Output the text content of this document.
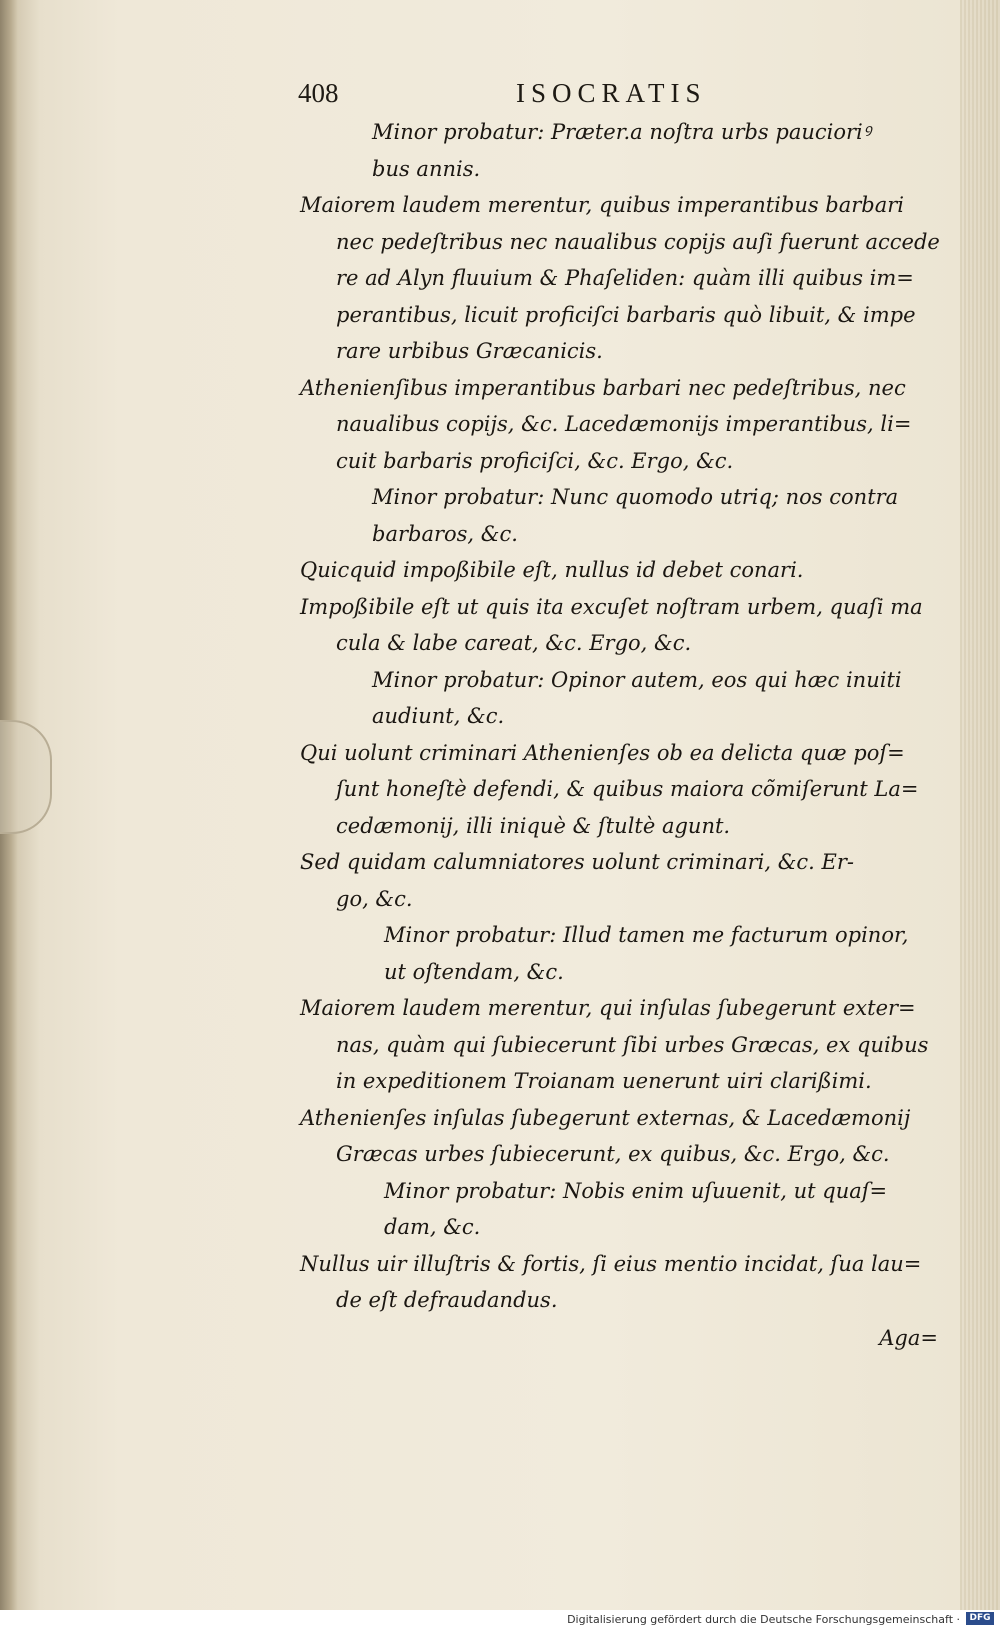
408	ISOCRATIS
Minor probatur: Præter.a noſtra urbs paucioriꝰ
bus annis.
Maiorem laudem merentur, quibus imperantibus barbari
nec pedeſtribus nec naualibus copijs auſi fuerunt accede
re ad Alyn fluuium & Phaſeliden: quàm illi quibus im=
perantibus, licuit proficiſci barbaris quò libuit, & impe
rare urbibus Græcanicis.
Athenienſibus imperantibus barbari nec pedeſtribus, nec
naualibus copijs, &c. Lacedæmonijs imperantibus, li=
cuit barbaris proficiſci, &c. Ergo, &c.
Minor probatur: Nunc quomodo utriq; nos contra
barbaros, &c.
Quicquid impoßibile eſt, nullus id debet conari.
Impoßibile eſt ut quis ita excuſet noſtram urbem, quaſi ma
cula & labe careat, &c. Ergo, &c.
Minor probatur: Opinor autem, eos qui hæc inuiti
audiunt, &c.
Qui uolunt criminari Athenienſes ob ea delicta quæ poſ=
ſunt honeſtè defendi, & quibus maiora cõmiſerunt La=
cedæmonij, illi iniquè & ſtultè agunt.
Sed quidam calumniatores uolunt criminari, &c. Er-
go, &c.
Minor probatur: Illud tamen me facturum opinor,
ut oſtendam, &c.
Maiorem laudem merentur, qui inſulas ſubegerunt exter=
nas, quàm qui ſubiecerunt ſibi urbes Græcas, ex quibus
in expeditionem Troianam uenerunt uiri clarißimi.
Athenienſes inſulas ſubegerunt externas, & Lacedæmonij
Græcas urbes ſubiecerunt, ex quibus, &c. Ergo, &c.
Minor probatur: Nobis enim uſuuenit, ut quaſ=
dam, &c.
Nullus uir illuſtris & fortis, ſi eius mentio incidat, ſua lau=
de eſt defraudandus.
Aga=
Digitalisierung gefördert durch die Deutsche Forschungsgemeinschaft ·	DFG
